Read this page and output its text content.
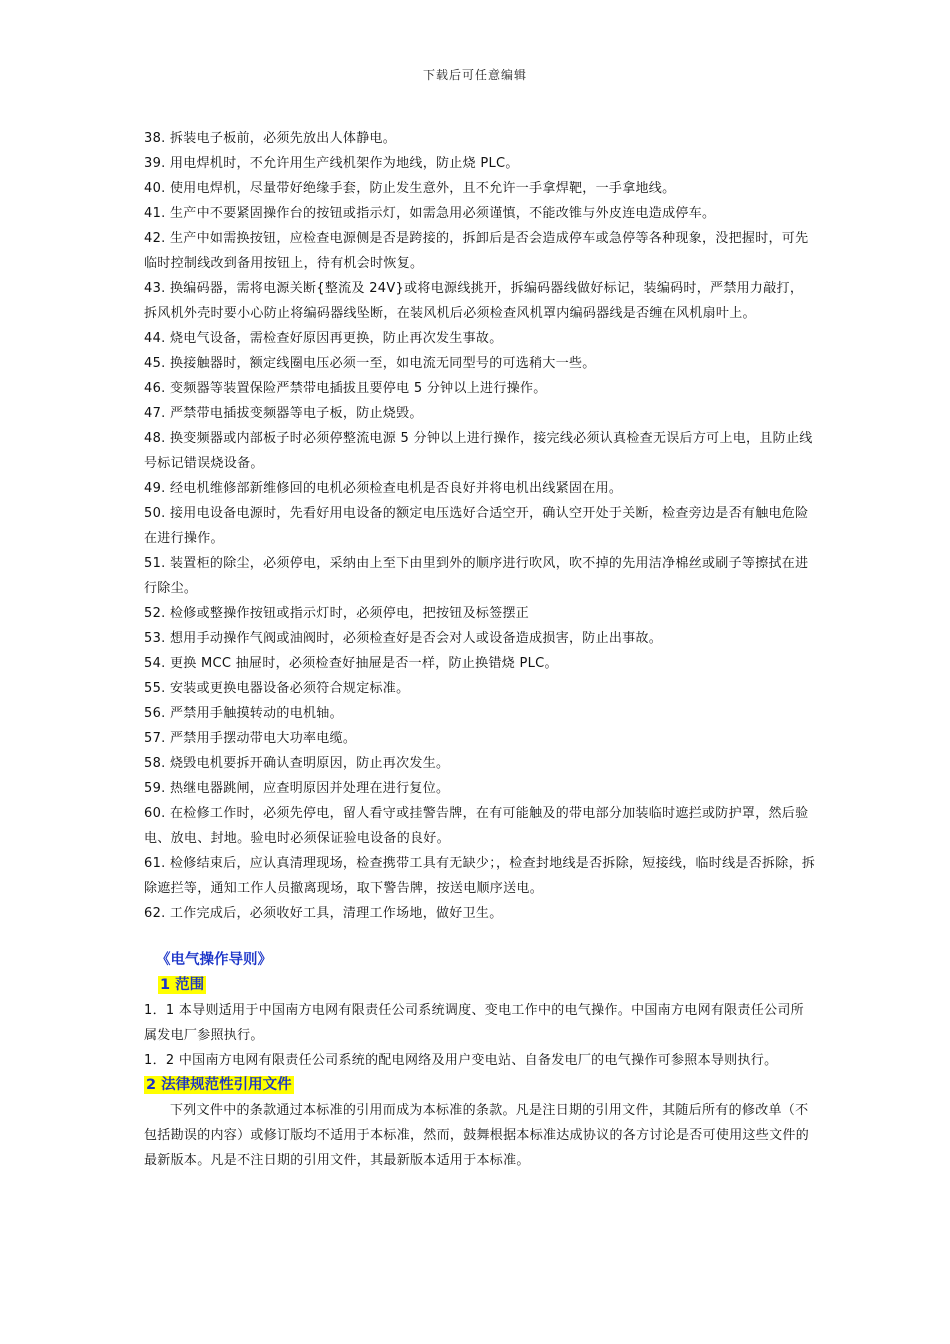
下载后可任意编辑

38. 拆装电子板前，必须先放出人体静电。

39. 用电焊机时，不允许用生产线机架作为地线，防止烧 PLC。

40. 使用电焊机，尽量带好绝缘手套，防止发生意外，且不允许一手拿焊靶，一手拿地线。

41. 生产中不要紧固操作台的按钮或指示灯，如需急用必须谨慎，不能改锥与外皮连电造成停车。

42. 生产中如需换按钮，应检查电源侧是否是跨接的，拆卸后是否会造成停车或急停等各种现象，没把握时，可先临时控制线改到备用按钮上，待有机会时恢复。

43. 换编码器，需将电源关断{整流及 24V}或将电源线挑开，拆编码器线做好标记，装编码时，严禁用力敲打，拆风机外壳时要小心防止将编码器线坠断，在装风机后必须检查风机罩内编码器线是否缠在风机扇叶上。

44. 烧电气设备，需检查好原因再更换，防止再次发生事故。

45. 换接触器时，额定线圈电压必须一至，如电流无同型号的可选稍大一些。

46. 变频器等装置保险严禁带电插拔且要停电 5 分钟以上进行操作。

47. 严禁带电插拔变频器等电子板，防止烧毁。

48. 换变频器或内部板子时必须停整流电源 5 分钟以上进行操作，接完线必须认真检查无误后方可上电，且防止线号标记错误烧设备。

49. 经电机维修部新维修回的电机必须检查电机是否良好并将电机出线紧固在用。

50. 接用电设备电源时，先看好用电设备的额定电压选好合适空开，确认空开处于关断，检查旁边是否有触电危险在进行操作。

51. 装置柜的除尘，必须停电，采纳由上至下由里到外的顺序进行吹风，吹不掉的先用洁净棉丝或刷子等擦拭在进行除尘。

52. 检修或整操作按钮或指示灯时，必须停电，把按钮及标签摆正

53. 想用手动操作气阀或油阀时，必须检查好是否会对人或设备造成损害，防止出事故。

54. 更换 MCC 抽屉时，必须检查好抽屉是否一样，防止换错烧 PLC。

55. 安装或更换电器设备必须符合规定标准。

56. 严禁用手触摸转动的电机轴。

57. 严禁用手摆动带电大功率电缆。

58. 烧毁电机要拆开确认查明原因，防止再次发生。

59. 热继电器跳闸，应查明原因并处理在进行复位。

60. 在检修工作时，必须先停电，留人看守或挂警告牌，在有可能触及的带电部分加装临时遮拦或防护罩，然后验电、放电、封地。验电时必须保证验电设备的良好。

61. 检修结束后，应认真清理现场，检查携带工具有无缺少；，检查封地线是否拆除，短接线，临时线是否拆除，拆除遮拦等，通知工作人员撤离现场，取下警告牌，按送电顺序送电。

62. 工作完成后，必须收好工具，清理工作场地，做好卫生。

《电气操作导则》

1 范围

1．1 本导则适用于中国南方电网有限责任公司系统调度、变电工作中的电气操作。中国南方电网有限责任公司所属发电厂参照执行。

1．2 中国南方电网有限责任公司系统的配电网络及用户变电站、自备发电厂的电气操作可参照本导则执行。

2 法律规范性引用文件

下列文件中的条款通过本标准的引用而成为本标准的条款。凡是注日期的引用文件，其随后所有的修改单（不包括勘误的内容）或修订版均不适用于本标准，然而，鼓舞根据本标准达成协议的各方讨论是否可使用这些文件的最新版本。凡是不注日期的引用文件，其最新版本适用于本标准。
